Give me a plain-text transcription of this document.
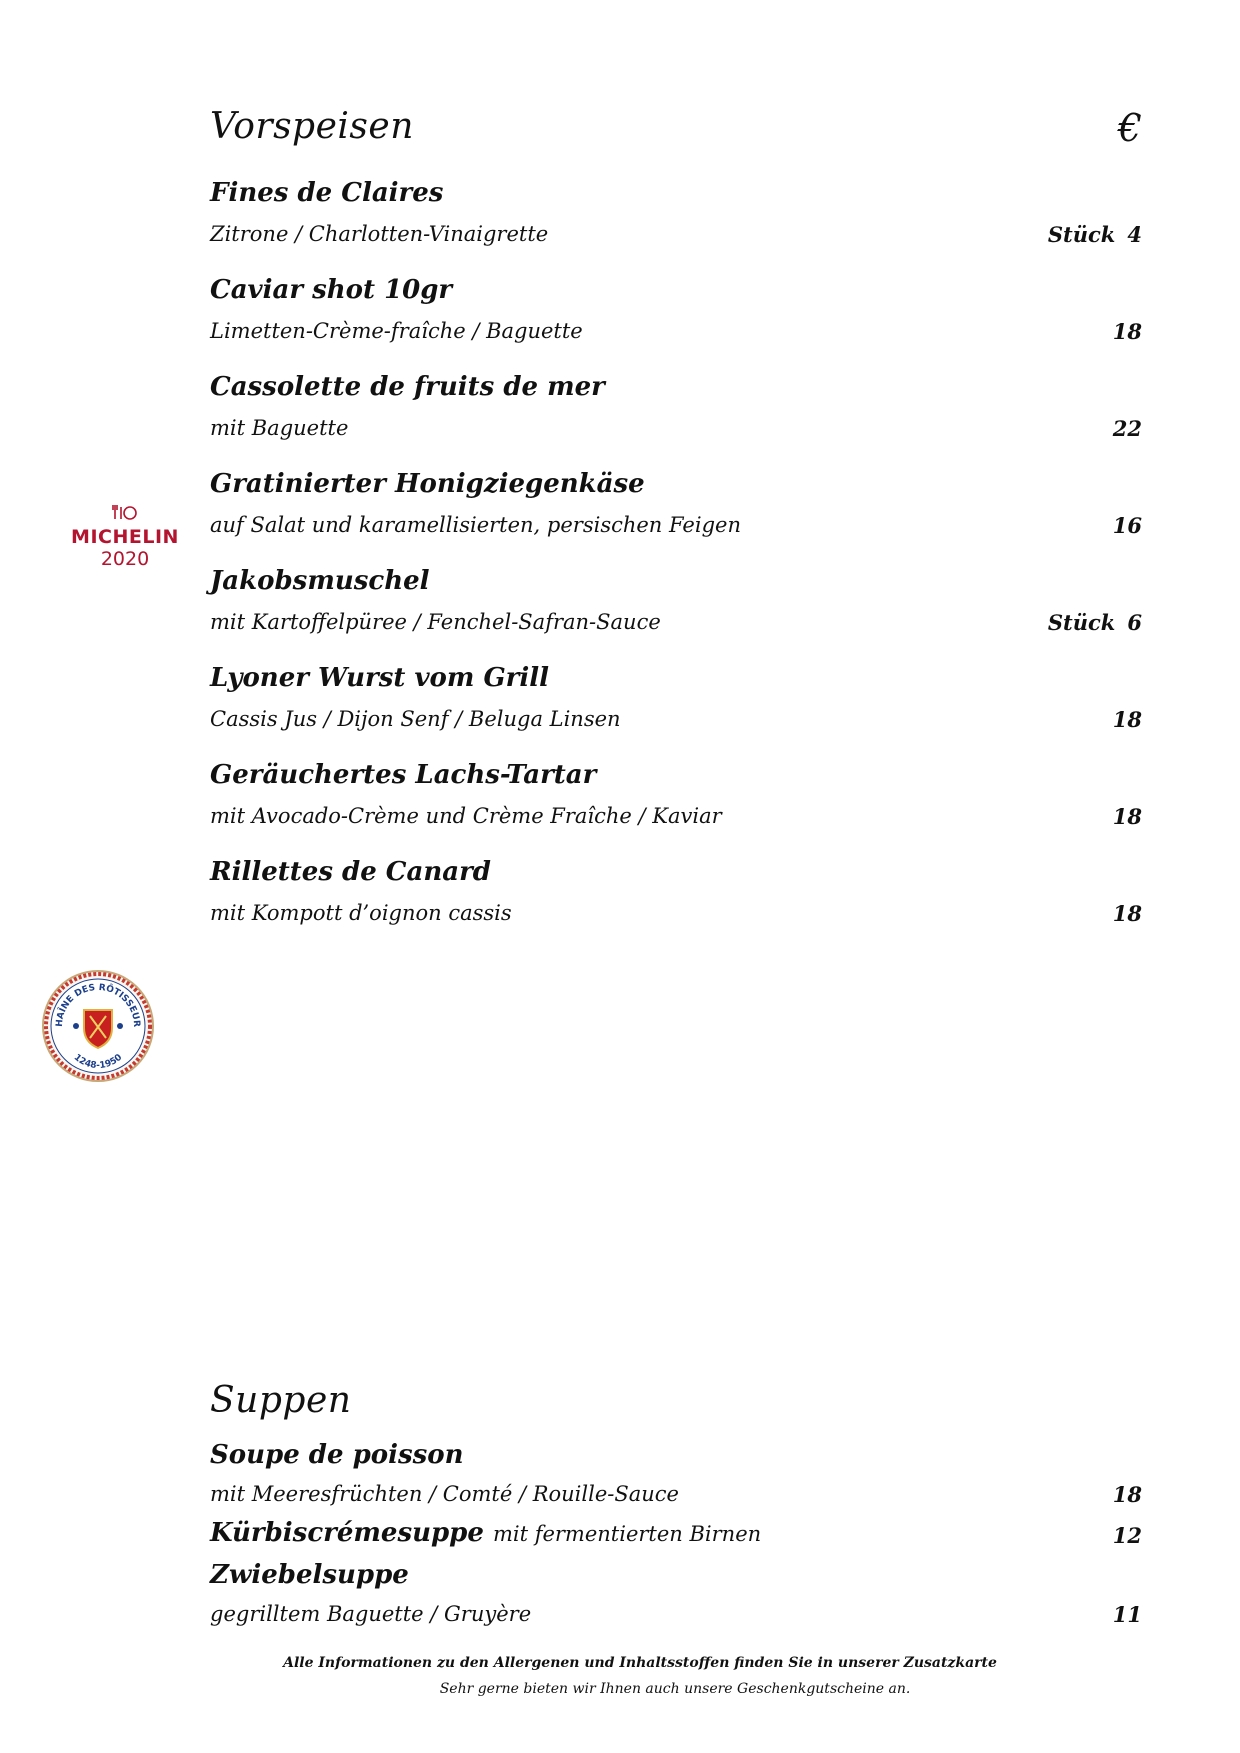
Vorspeisen	€
Fines de Claires
Zitrone / Charlotten-Vinaigrette	Stück 4
Caviar shot 10gr
Limetten-Crème-fraîche / Baguette	18
Cassolette de fruits de mer
mit Baguette	22
Gratinierter Honigziegenkäse
auf Salat und karamellisierten, persischen Feigen	16
Jakobsmuschel
mit Kartoffelpüree / Fenchel-Safran-Sauce	Stück 6
Lyoner Wurst vom Grill
Cassis Jus / Dijon Senf / Beluga Linsen	18
Geräuchertes Lachs-Tartar
mit Avocado-Crème und Crème Fraîche / Kaviar	18
Rillettes de Canard
mit Kompott d’oignon cassis	18
MICHELIN
2020
HAÎNE DES RÔTISSEUR
1248-1950
Suppen
Soupe de poisson
mit Meeresfrüchten / Comté / Rouille-Sauce	18
Kürbiscrémesuppe mit fermentierten Birnen	12
Zwiebelsuppe
gegrilltem Baguette / Gruyère	11
Alle Informationen zu den Allergenen und Inhaltsstoffen finden Sie in unserer Zusatzkarte
Sehr gerne bieten wir Ihnen auch unsere Geschenkgutscheine an.
